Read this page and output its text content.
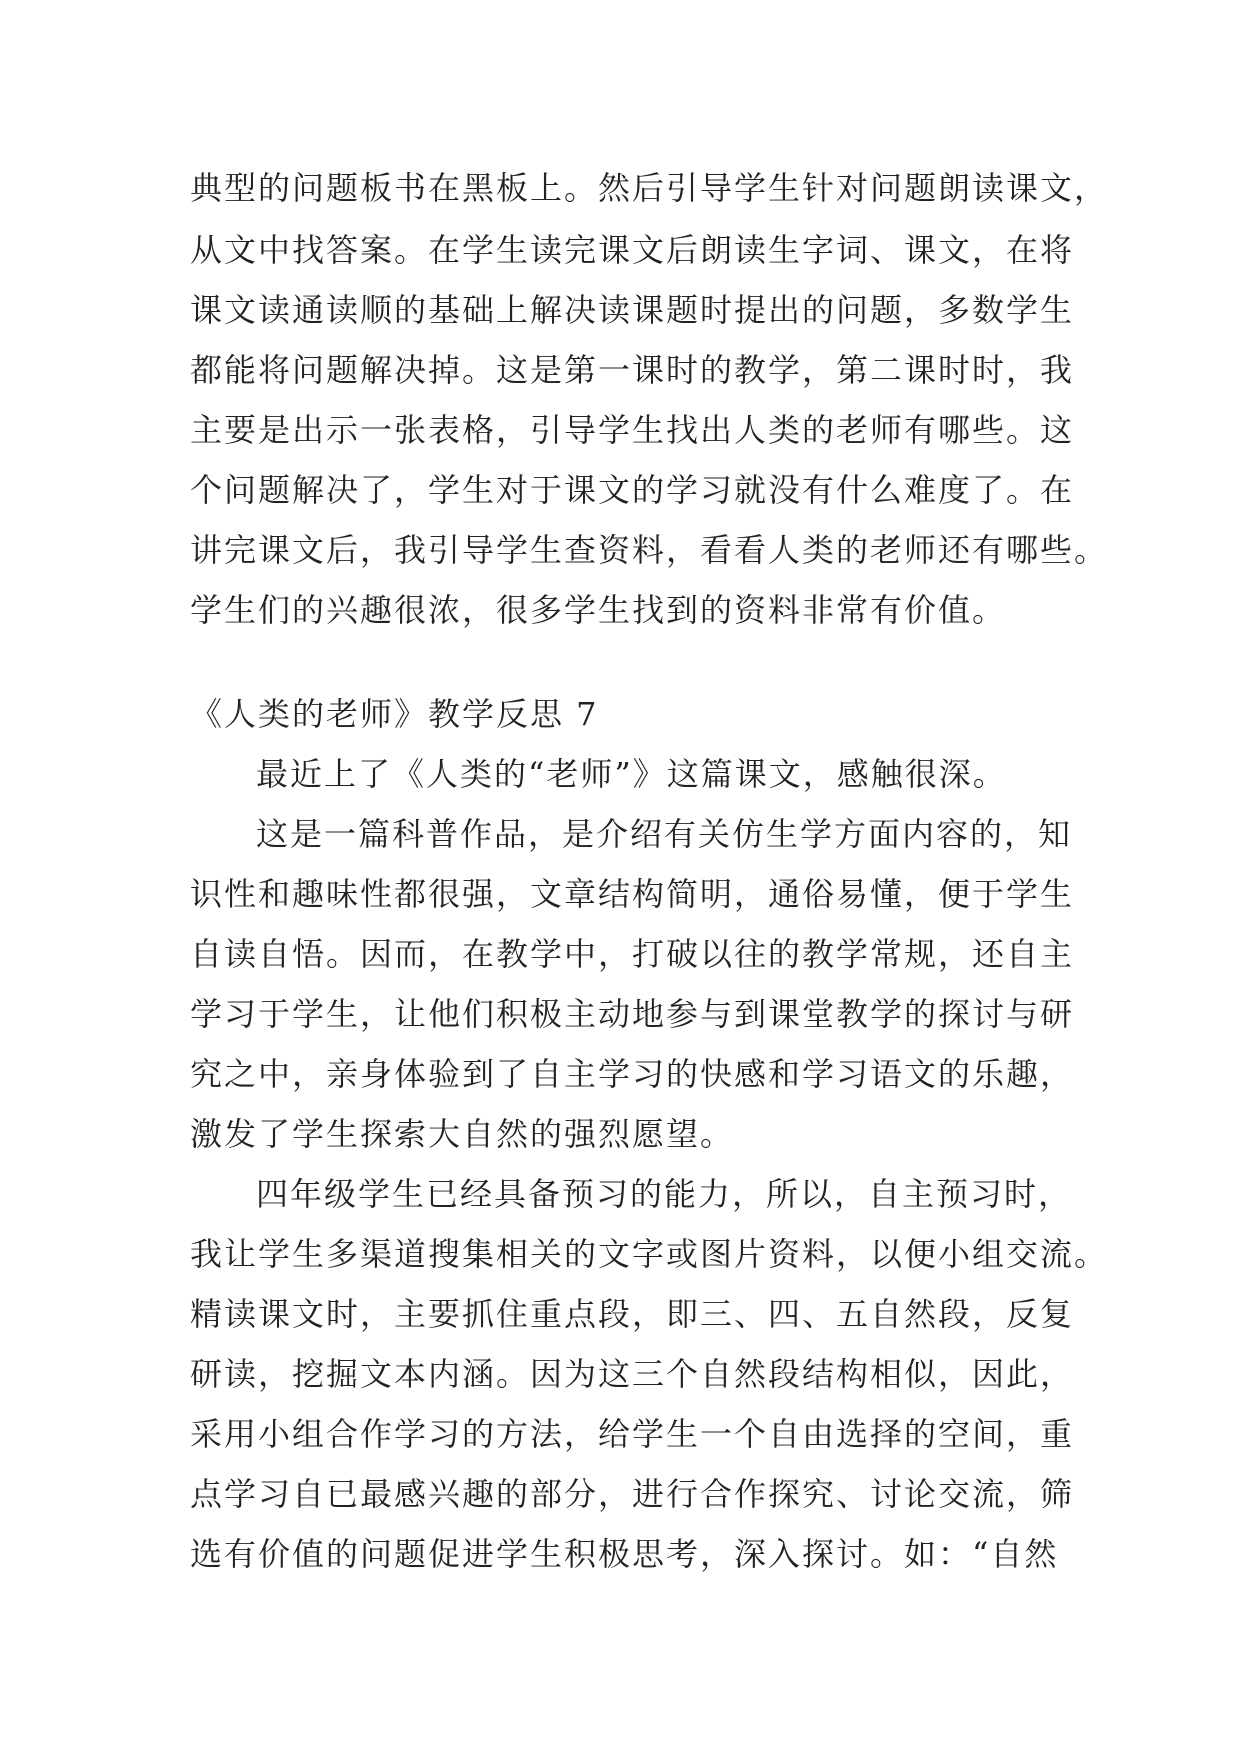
典型的问题板书在黑板上。然后引导学生针对问题朗读课文，
从文中找答案。在学生读完课文后朗读生字词、课文，在将
课文读通读顺的基础上解决读课题时提出的问题，多数学生
都能将问题解决掉。这是第一课时的教学，第二课时时，我
主要是出示一张表格，引导学生找出人类的老师有哪些。这
个问题解决了，学生对于课文的学习就没有什么难度了。在
讲完课文后，我引导学生查资料，看看人类的老师还有哪些。
学生们的兴趣很浓，很多学生找到的资料非常有价值。
《人类的老师》教学反思 7
最近上了《人类的“老师”》这篇课文，感触很深。
这是一篇科普作品，是介绍有关仿生学方面内容的，知
识性和趣味性都很强，文章结构简明，通俗易懂，便于学生
自读自悟。因而，在教学中，打破以往的教学常规，还自主
学习于学生，让他们积极主动地参与到课堂教学的探讨与研
究之中，亲身体验到了自主学习的快感和学习语文的乐趣，
激发了学生探索大自然的强烈愿望。
四年级学生已经具备预习的能力，所以，自主预习时，
我让学生多渠道搜集相关的文字或图片资料，以便小组交流。
精读课文时，主要抓住重点段，即三、四、五自然段，反复
研读，挖掘文本内涵。因为这三个自然段结构相似，因此，
采用小组合作学习的方法，给学生一个自由选择的空间，重
点学习自已最感兴趣的部分，进行合作探究、讨论交流，筛
选有价值的问题促进学生积极思考，深入探讨。如：“自然
